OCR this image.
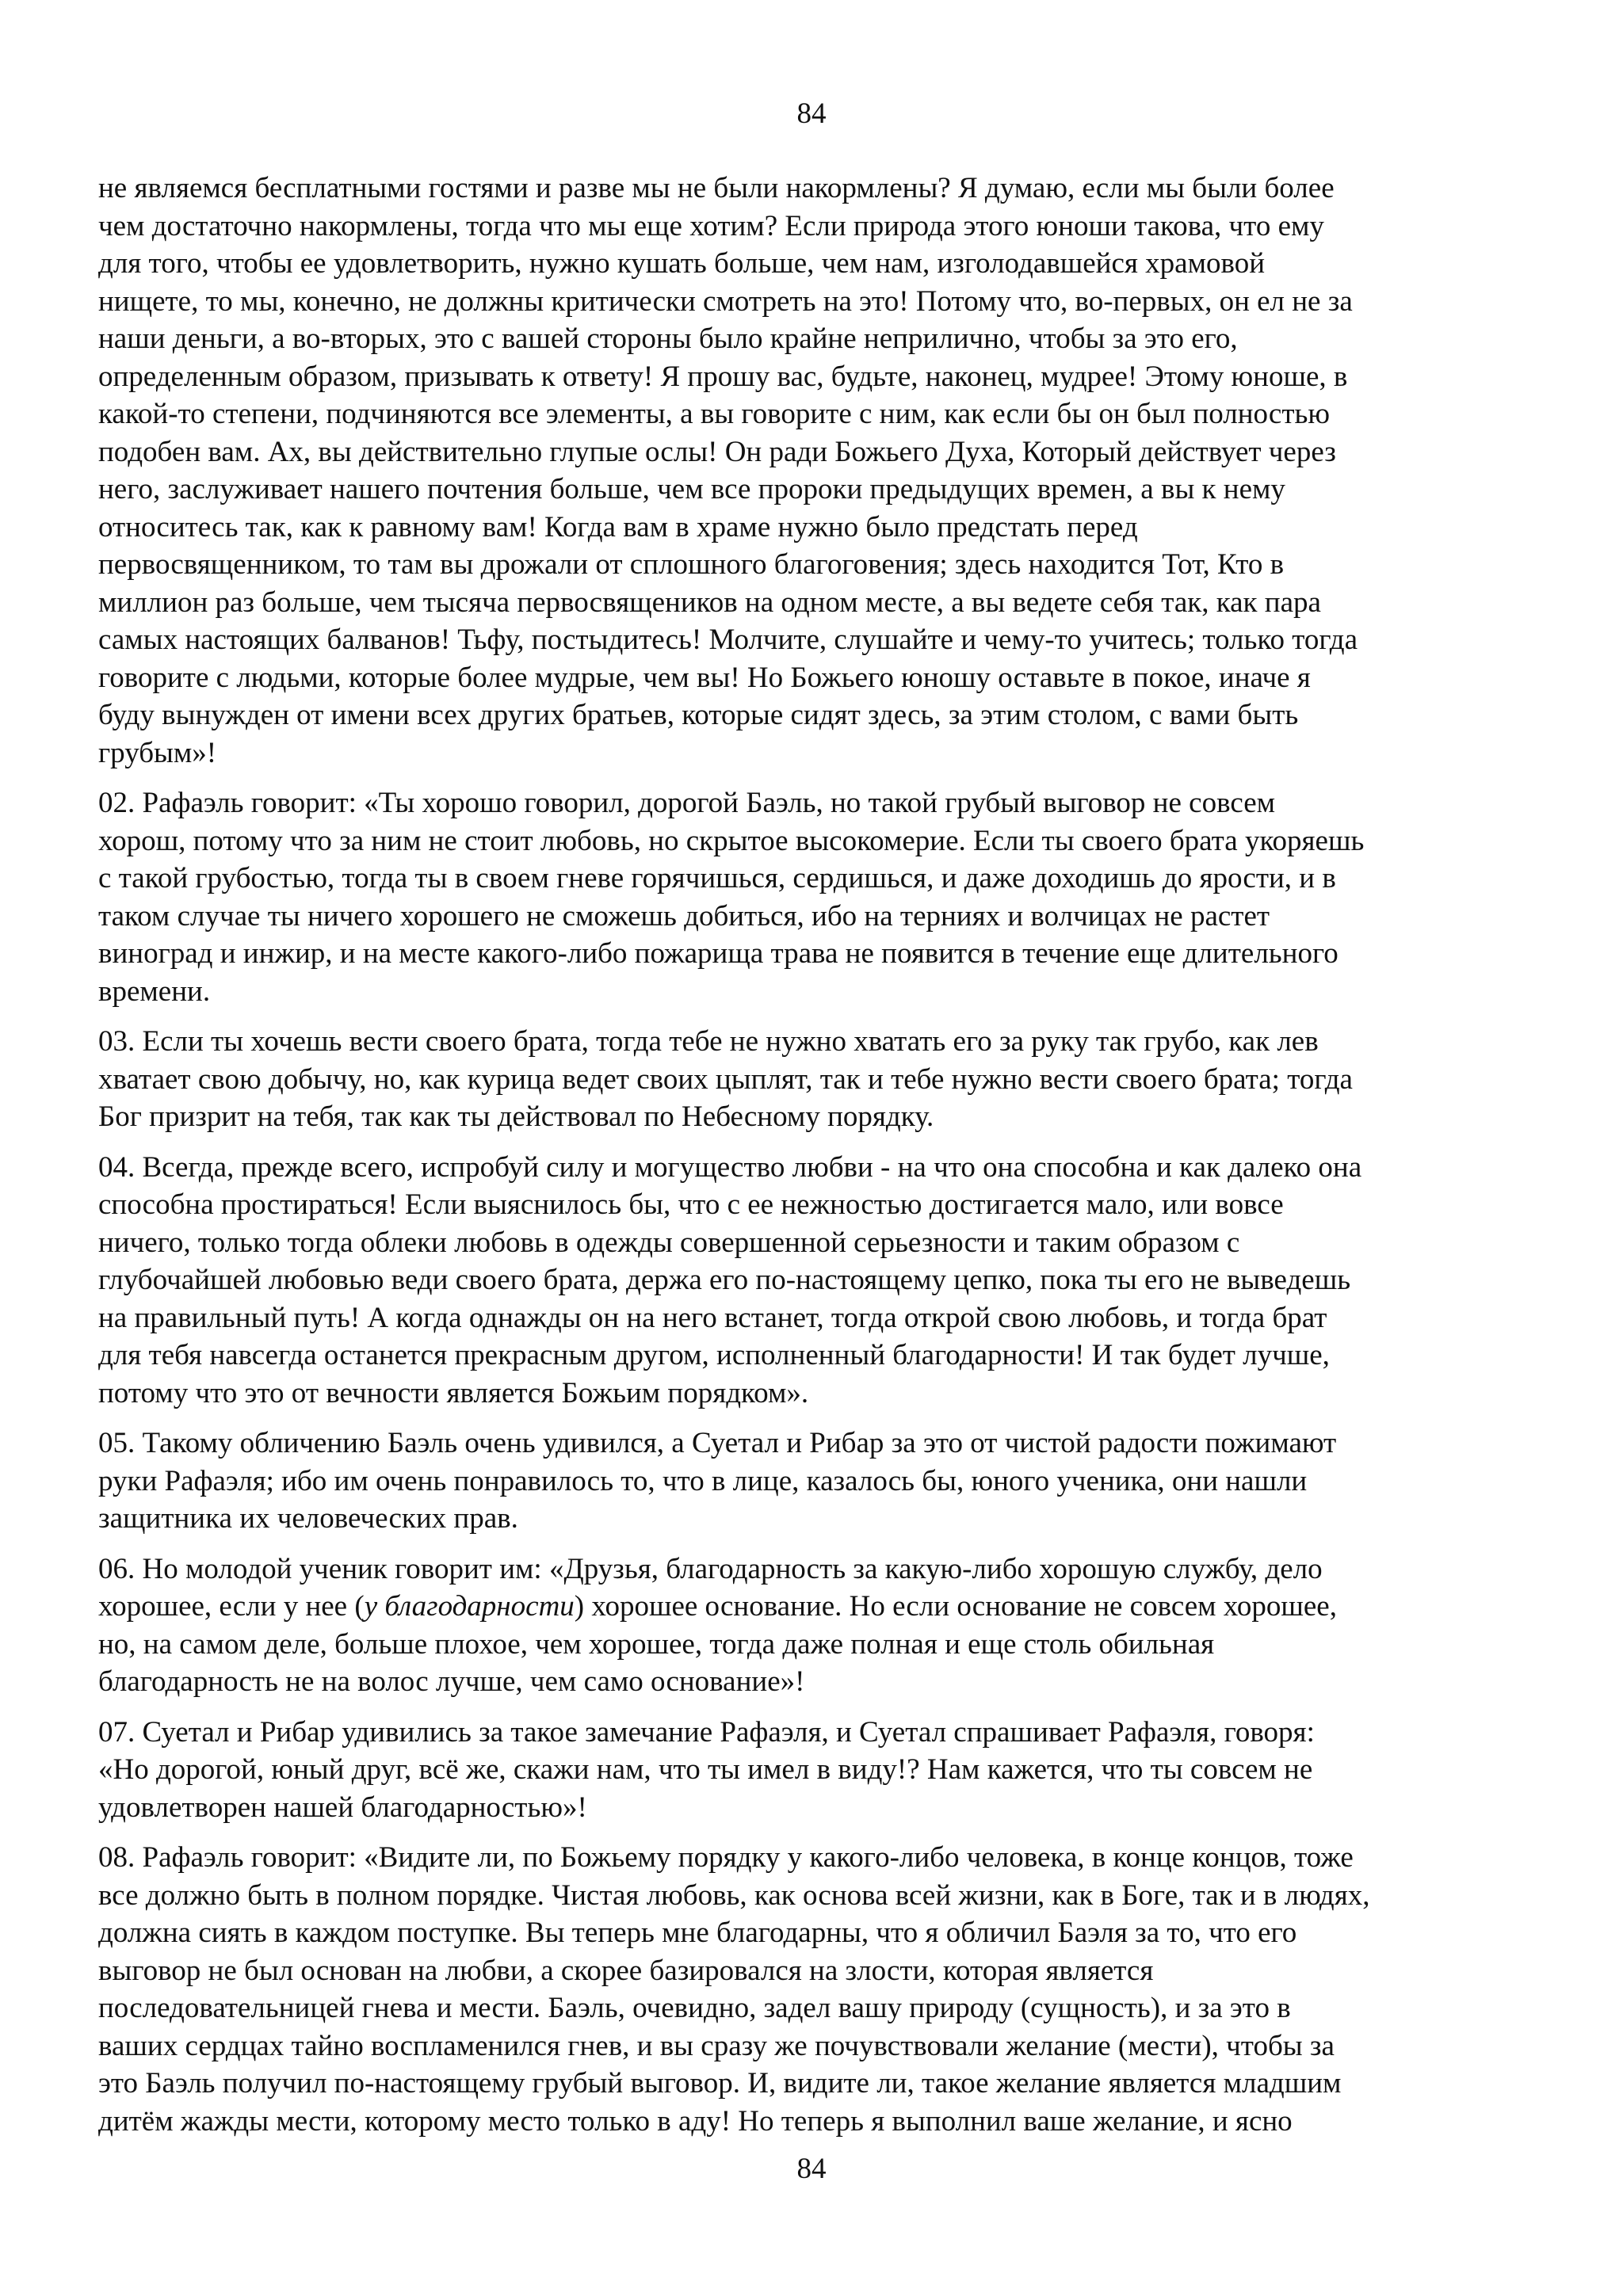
84

не являемся бесплатными гостями и разве мы не были накормлены? Я думаю, если мы были более
чем достаточно накормлены, тогда что мы еще хотим? Если природа этого юноши такова, что ему
для того, чтобы ее удовлетворить, нужно кушать больше, чем нам, изголодавшейся храмовой
нищете, то мы, конечно, не должны критически смотреть на это! Потому что, во-первых, он ел не за
наши деньги, а во-вторых, это с вашей стороны было крайне неприлично, чтобы за это его,
определенным образом, призывать к ответу! Я прошу вас, будьте, наконец, мудрее! Этому юноше, в
какой-то степени, подчиняются все элементы, а вы говорите с ним, как если бы он был полностью
подобен вам. Ах, вы действительно глупые ослы! Он ради Божьего Духа, Который действует через
него, заслуживает нашего почтения больше, чем все пророки предыдущих времен, а вы к нему
относитесь так, как к равному вам! Когда вам в храме нужно было предстать перед
первосвященником, то там вы дрожали от сплошного благоговения; здесь находится Тот, Кто в
миллион раз больше, чем тысяча первосвящеников на одном месте, а вы ведете себя так, как пара
самых настоящих балванов! Тьфу, постыдитесь! Молчите, слушайте и чему-то учитесь; только тогда
говорите с людьми, которые более мудрые, чем вы! Но Божьего юношу оставьте в покое, иначе я
буду вынужден от имени всех других братьев, которые сидят здесь, за этим столом, с вами быть
грубым»!

02. Рафаэль говорит: «Ты хорошо говорил, дорогой Баэль, но такой грубый выговор не совсем
хорош, потому что за ним не стоит любовь, но скрытое высокомерие. Если ты своего брата укоряешь
с такой грубостью, тогда ты в своем гневе горячишься, сердишься, и даже доходишь до ярости, и в
таком случае ты ничего хорошего не сможешь добиться, ибо на терниях и волчицах не растет
виноград и инжир, и на месте какого-либо пожарища трава не появится в течение еще длительного
времени.

03. Если ты хочешь вести своего брата, тогда тебе не нужно хватать его за руку так грубо, как лев
хватает свою добычу, но, как курица ведет своих цыплят, так и тебе нужно вести своего брата; тогда
Бог призрит на тебя, так как ты действовал по Небесному порядку.

04. Всегда, прежде всего, испробуй силу и могущество любви - на что она способна и как далеко она
способна простираться! Если выяснилось бы, что с ее нежностью достигается мало, или вовсе
ничего, только тогда облеки любовь в одежды совершенной серьезности и таким образом с
глубочайшей любовью веди своего брата, держа его по-настоящему цепко, пока ты его не выведешь
на правильный путь! А когда однажды он на него встанет, тогда открой свою любовь, и тогда брат
для тебя навсегда останется прекрасным другом, исполненный благодарности! И так будет лучше,
потому что это от вечности является Божьим порядком».

05. Такому обличению Баэль очень удивился, а Суетал и Рибар за это от чистой радости пожимают
руки Рафаэля; ибо им очень понравилось то, что в лице, казалось бы, юного ученика, они нашли
защитника их человеческих прав.

06. Но молодой ученик говорит им: «Друзья, благодарность за какую-либо хорошую службу, дело
хорошее, если у нее (у благодарности) хорошее основание. Но если основание не совсем хорошее,
но, на самом деле, больше плохое, чем хорошее, тогда даже полная и еще столь обильная
благодарность не на волос лучше, чем само основание»!

07. Суетал и Рибар удивились за такое замечание Рафаэля, и Суетал спрашивает Рафаэля, говоря:
«Но дорогой, юный друг, всё же, скажи нам, что ты имел в виду!? Нам кажется, что ты совсем не
удовлетворен нашей благодарностью»!

08. Рафаэль говорит: «Видите ли, по Божьему порядку у какого-либо человека, в конце концов, тоже
все должно быть в полном порядке. Чистая любовь, как основа всей жизни, как в Боге, так и в людях,
должна сиять в каждом поступке. Вы теперь мне благодарны, что я обличил Баэля за то, что его
выговор не был основан на любви, а скорее базировался на злости, которая является
последовательницей гнева и мести. Баэль, очевидно, задел вашу природу (сущность), и за это в
ваших сердцах тайно воспламенился гнев, и вы сразу же почувствовали желание (мести), чтобы за
это Баэль получил по-настоящему грубый выговор. И, видите ли, такое желание является младшим
дитём жажды мести, которому место только в аду! Но теперь я выполнил ваше желание, и ясно

84
